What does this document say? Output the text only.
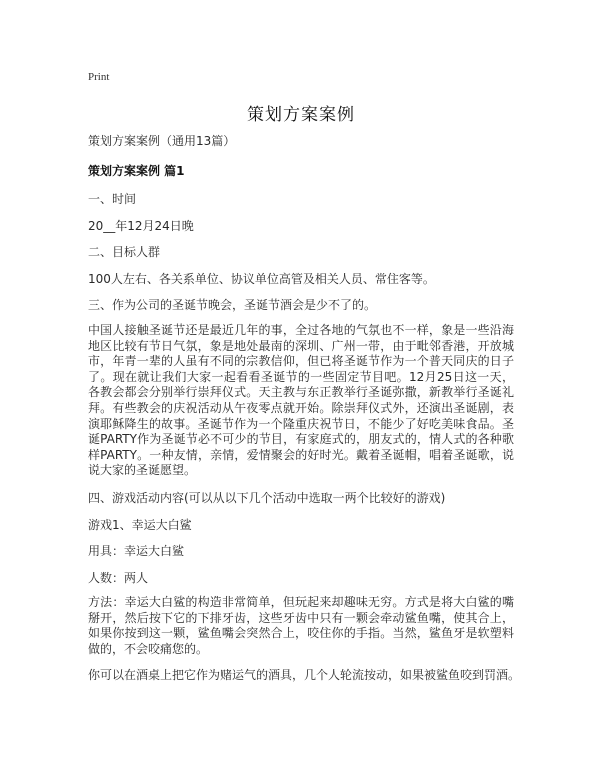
Print
策划方案案例
策划方案案例（通用13篇）
策划方案案例 篇1
一、时间
20__年12月24日晚
二、目标人群
100人左右、各关系单位、协议单位高管及相关人员、常住客等。
三、作为公司的圣诞节晚会，圣诞节酒会是少不了的。
中国人接触圣诞节还是最近几年的事，全过各地的气氛也不一样，象是一些沿海地区比较有节日气氛，象是地处最南的深圳、广州一带，由于毗邻香港，开放城市，年青一辈的人虽有不同的宗教信仰，但已将圣诞节作为一个普天同庆的日子了。现在就让我们大家一起看看圣诞节的一些固定节目吧。12月25日这一天，各教会都会分别举行崇拜仪式。天主教与东正教举行圣诞弥撒，新教举行圣诞礼拜。有些教会的庆祝活动从午夜零点就开始。除崇拜仪式外，还演出圣诞剧，表演耶稣降生的故事。圣诞节作为一个隆重庆祝节日，不能少了好吃美味食品。圣诞PARTY作为圣诞节必不可少的节目，有家庭式的，朋友式的，情人式的各种歌样PARTY。一种友情，亲情，爱情聚会的好时光。戴着圣诞帽，唱着圣诞歌，说说大家的圣诞愿望。
四、游戏活动内容(可以从以下几个活动中选取一两个比较好的游戏)
游戏1、幸运大白鲨
用具：幸运大白鲨
人数：两人
方法：幸运大白鲨的构造非常简单，但玩起来却趣味无穷。方式是将大白鲨的嘴掰开，然后按下它的下排牙齿，这些牙齿中只有一颗会牵动鲨鱼嘴，使其合上，如果你按到这一颗，鲨鱼嘴会突然合上，咬住你的手指。当然，鲨鱼牙是软塑料做的，不会咬痛您的。
你可以在酒桌上把它作为赌运气的酒具，几个人轮流按动，如果被鲨鱼咬到罚酒。
